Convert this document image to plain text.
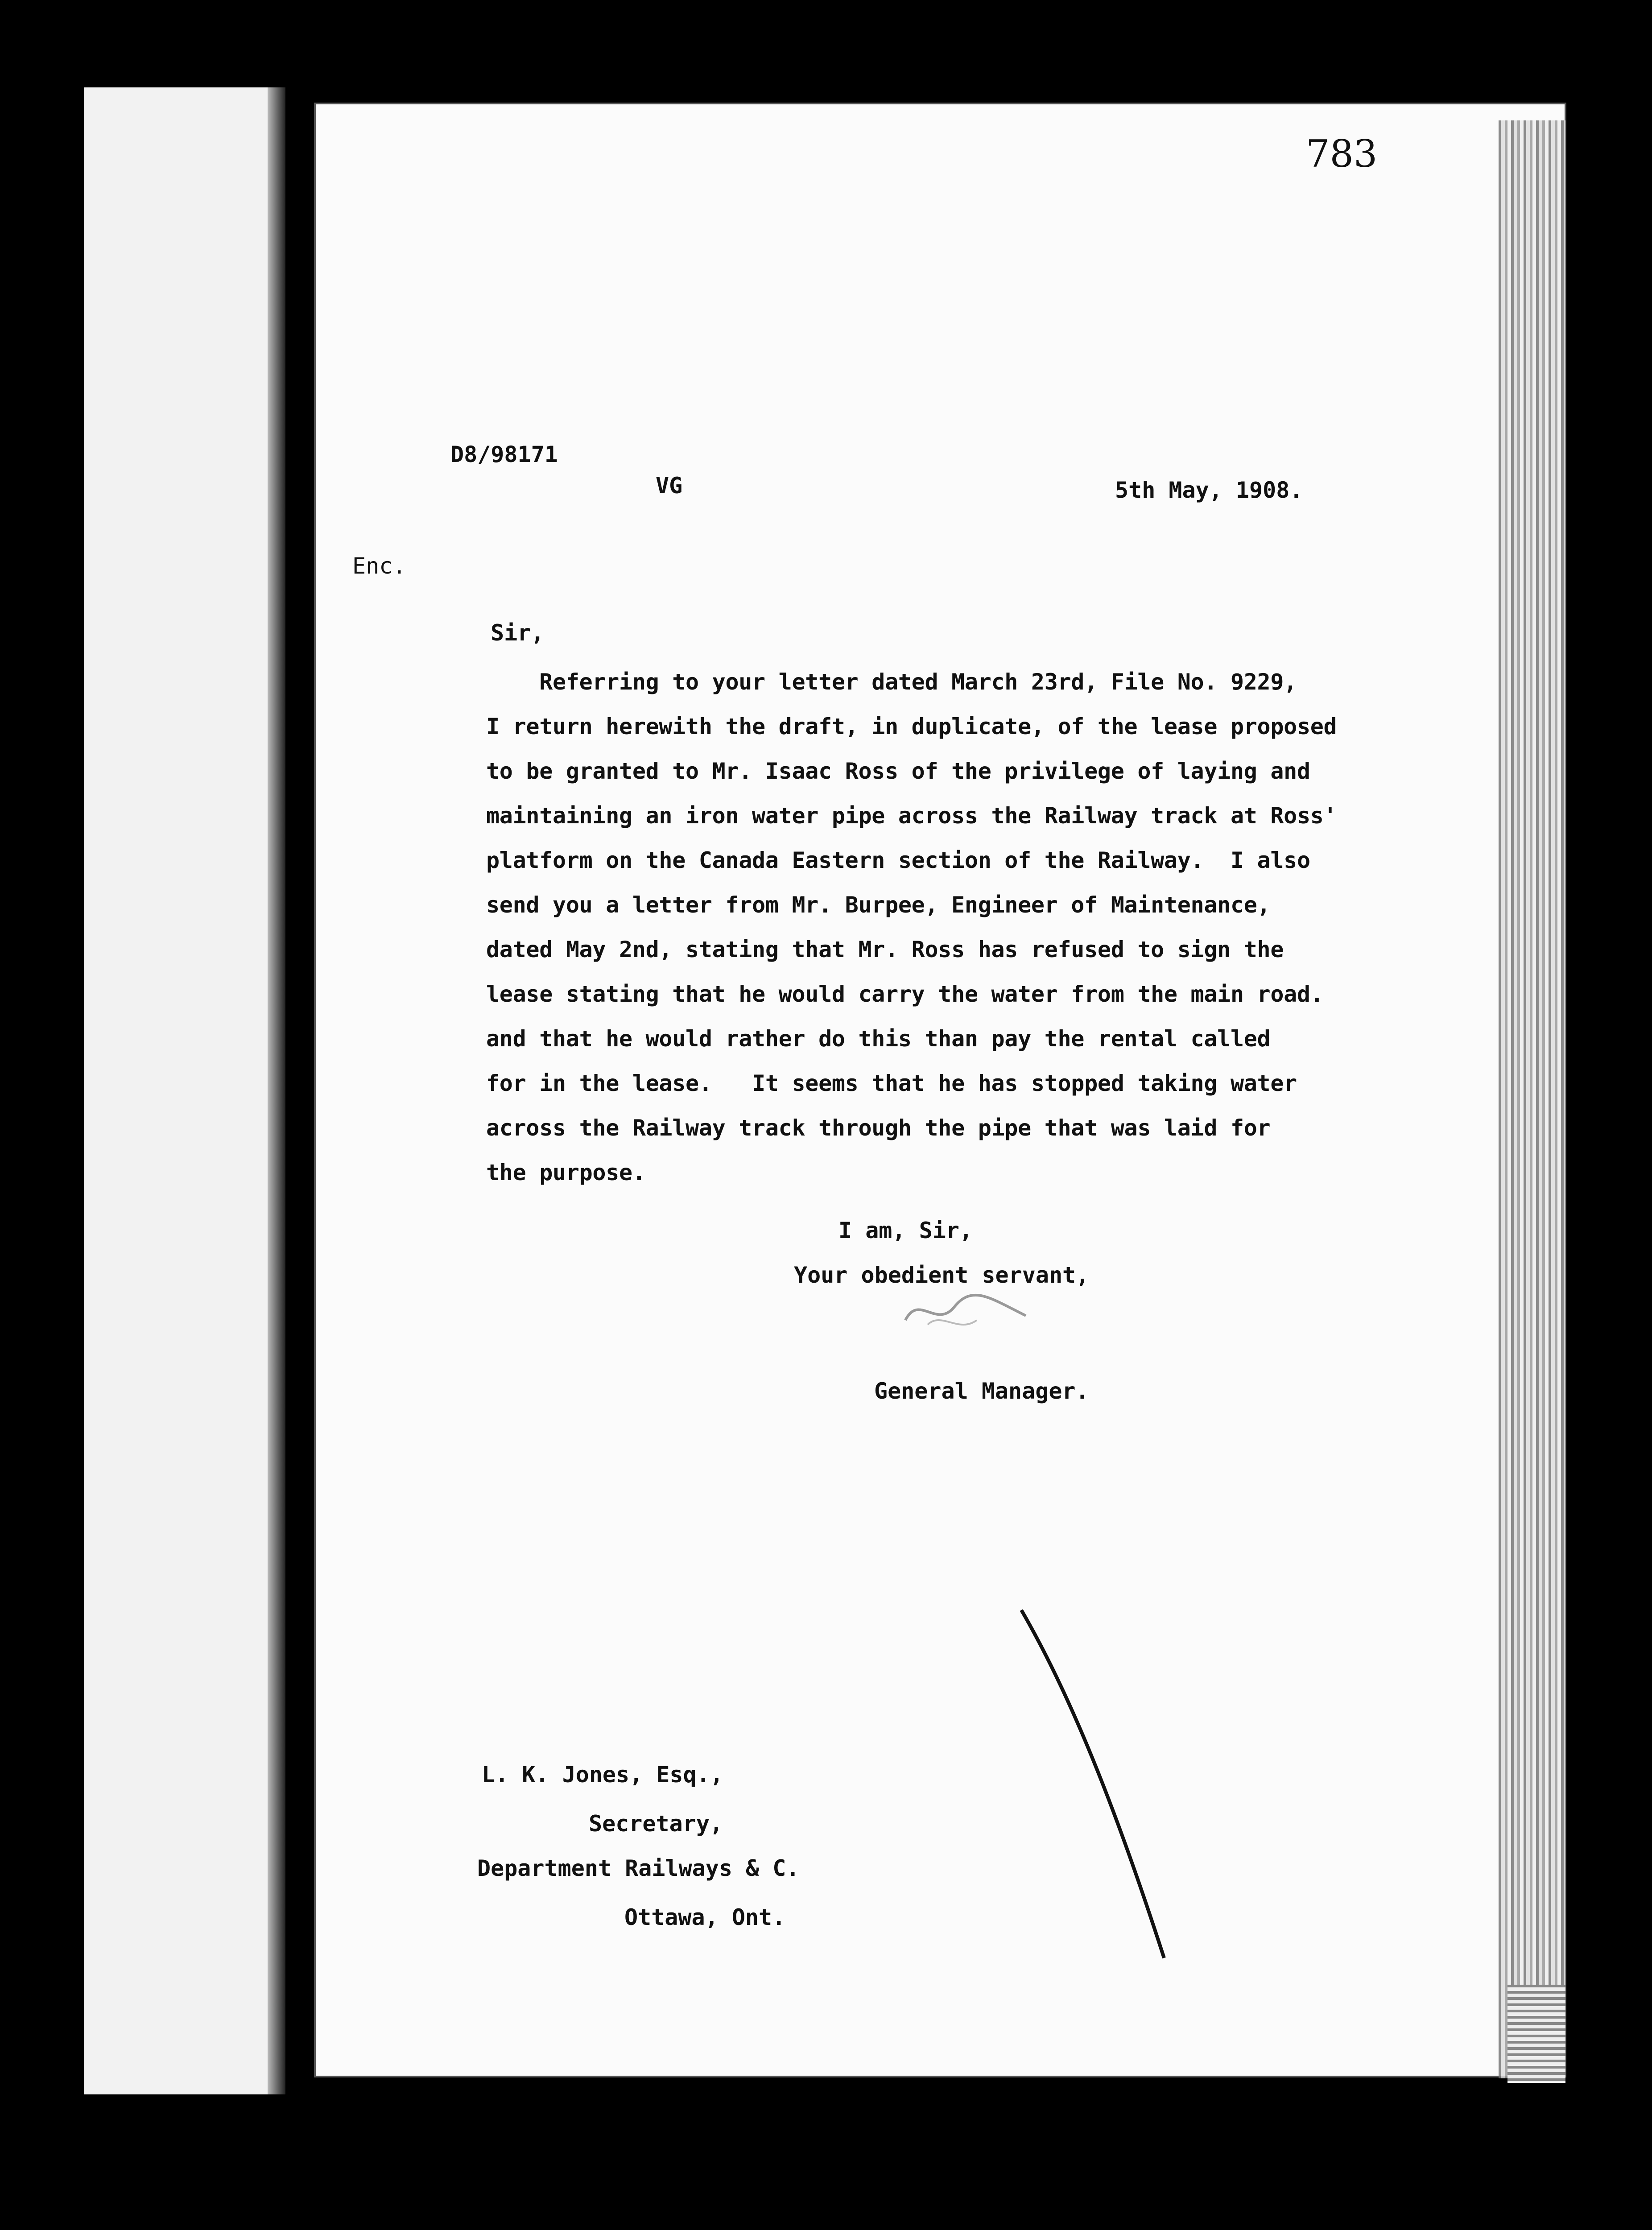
783
D8/98171
VG	5th May, 1908.
Enc.
Sir,
Referring to your letter dated March 23rd, File No. 9229,
I return herewith the draft, in duplicate, of the lease proposed
to be granted to Mr. Isaac Ross of the privilege of laying and
maintaining an iron water pipe across the Railway track at Ross'
platform on the Canada Eastern section of the Railway.  I also
send you a letter from Mr. Burpee, Engineer of Maintenance,
dated May 2nd, stating that Mr. Ross has refused to sign the
lease stating that he would carry the water from the main road.
and that he would rather do this than pay the rental called
for in the lease.   It seems that he has stopped taking water
across the Railway track through the pipe that was laid for
the purpose.
I am, Sir,
Your obedient servant,
General Manager.
L. K. Jones, Esq.,
Secretary,
Department Railways & C.
Ottawa, Ont.
